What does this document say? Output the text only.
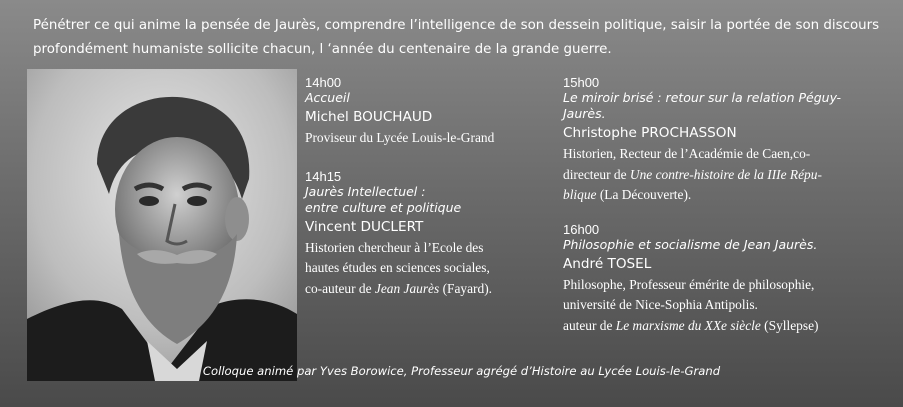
Pénétrer ce qui anime la pensée de Jaurès, comprendre l’intelligence de son dessein politique, saisir la portée de son discours
profondément humaniste sollicite chacun, l ‘année du centenaire de la grande guerre.
14h00
Accueil
Michel BOUCHAUD
Proviseur du Lycée Louis-le-Grand
14h15
Jaurès Intellectuel :
entre culture et politique
Vincent DUCLERT
Historien chercheur à l’Ecole des
hautes études en sciences sociales,
co-auteur de Jean Jaurès (Fayard).
15h00
Le miroir brisé : retour sur la relation Péguy-
Jaurès.
Christophe PROCHASSON
Historien, Recteur de l’Académie de Caen,co-
directeur de Une contre-histoire de la IIIe Répu-
blique (La Découverte).
16h00
Philosophie et socialisme de Jean Jaurès.
André TOSEL
Philosophe, Professeur émérite de philosophie,
université de Nice-Sophia Antipolis.
auteur de Le marxisme du XXe siècle (Syllepse)
Colloque animé par Yves Borowice, Professeur agrégé d’Histoire au Lycée Louis-le-Grand
